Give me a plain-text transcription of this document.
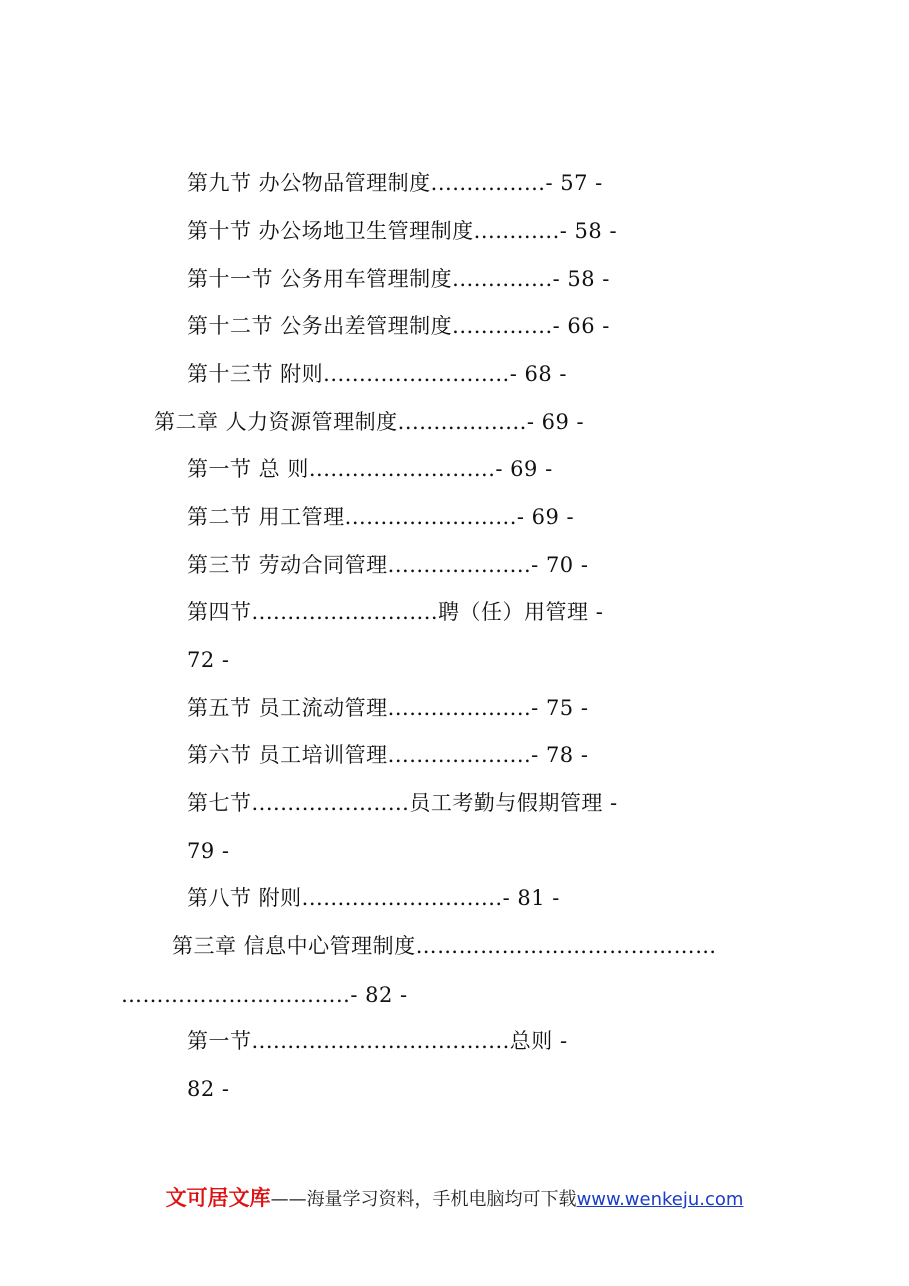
第九节 办公物品管理制度................- 57 -
第十节 办公场地卫生管理制度............- 58 -
第十一节 公务用车管理制度..............- 58 -
第十二节 公务出差管理制度..............- 66 -
第十三节 附则..........................- 68 -
第二章 人力资源管理制度..................- 69 -
第一节 总 则..........................- 69 -
第二节 用工管理........................- 69 -
第三节 劳动合同管理....................- 70 -
第四节..........................聘（任）用管理 -
72 -
第五节 员工流动管理....................- 75 -
第六节 员工培训管理....................- 78 -
第七节......................员工考勤与假期管理 -
79 -
第八节 附则............................- 81 -
第三章 信息中心管理制度……………………………………
…………………………..- 82 -
第一节....................................总则 -
82 -
文可居文库——海量学习资料，手机电脑均可下载www.wenkeju.com
